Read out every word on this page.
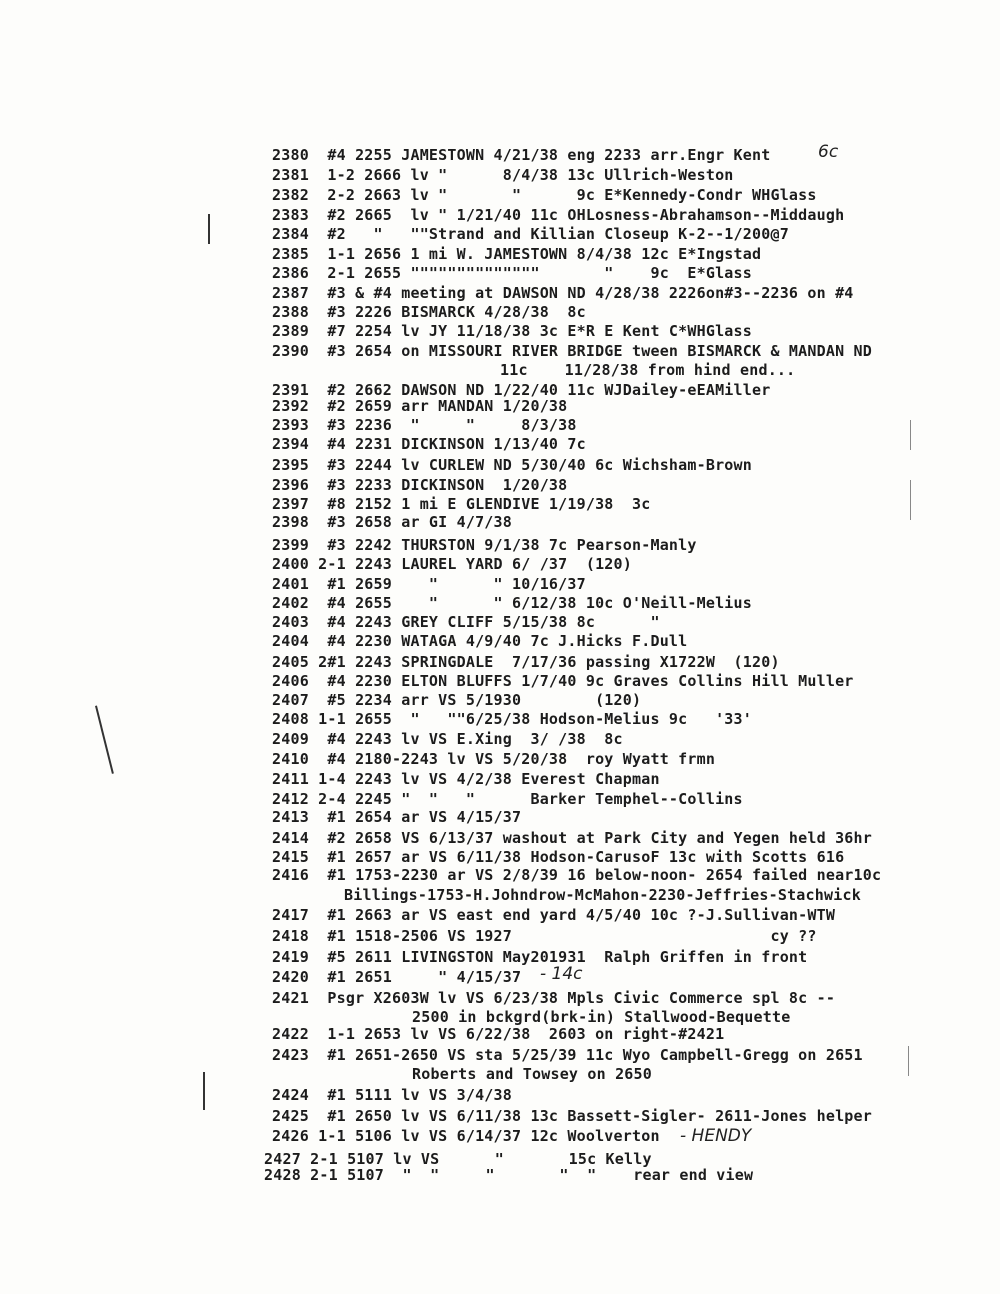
2380  #4 2255 JAMESTOWN 4/21/38 eng 2233 arr.Engr Kent	6c
2381  1-2 2666 lv "      8/4/38 13c Ullrich-Weston
2382  2-2 2663 lv "       "      9c E*Kennedy-Condr WHGlass
2383  #2 2665  lv " 1/21/40 11c OHLosness-Abrahamson--Middaugh
2384  #2   "   ""Strand and Killian Closeup K-2--1/200@7
2385  1-1 2656 1 mi W. JAMESTOWN 8/4/38 12c E*Ingstad
2386  2-1 2655 """"""""""""""       "    9c  E*Glass
2387  #3 & #4 meeting at DAWSON ND 4/28/38 2226on#3--2236 on #4
2388  #3 2226 BISMARCK 4/28/38  8c
2389  #7 2254 lv JY 11/18/38 3c E*R E Kent C*WHGlass
2390  #3 2654 on MISSOURI RIVER BRIDGE tween BISMARCK & MANDAN ND
11c    11/28/38 from hind end...
2391  #2 2662 DAWSON ND 1/22/40 11c WJDailey-eEAMiller
2392  #2 2659 arr MANDAN 1/20/38
2393  #3 2236  "     "     8/3/38
2394  #4 2231 DICKINSON 1/13/40 7c
2395  #3 2244 lv CURLEW ND 5/30/40 6c Wichsham-Brown
2396  #3 2233 DICKINSON  1/20/38
2397  #8 2152 1 mi E GLENDIVE 1/19/38  3c
2398  #3 2658 ar GI 4/7/38
2399  #3 2242 THURSTON 9/1/38 7c Pearson-Manly
2400 2-1 2243 LAUREL YARD 6/ /37  (120)
2401  #1 2659    "      " 10/16/37
2402  #4 2655    "      " 6/12/38 10c O'Neill-Melius
2403  #4 2243 GREY CLIFF 5/15/38 8c      "
2404  #4 2230 WATAGA 4/9/40 7c J.Hicks F.Dull
2405 2#1 2243 SPRINGDALE  7/17/36 passing X1722W  (120)
2406  #4 2230 ELTON BLUFFS 1/7/40 9c Graves Collins Hill Muller
2407  #5 2234 arr VS 5/1930        (120)
2408 1-1 2655  "   ""6/25/38 Hodson-Melius 9c   '33'
2409  #4 2243 lv VS E.Xing  3/ /38  8c
2410  #4 2180-2243 lv VS 5/20/38  roy Wyatt frmn
2411 1-4 2243 lv VS 4/2/38 Everest Chapman
2412 2-4 2245 "  "   "      Barker Temphel--Collins
2413  #1 2654 ar VS 4/15/37
2414  #2 2658 VS 6/13/37 washout at Park City and Yegen held 36hr
2415  #1 2657 ar VS 6/11/38 Hodson-CarusoF 13c with Scotts 616
2416  #1 1753-2230 ar VS 2/8/39 16 below-noon- 2654 failed near10c
Billings-1753-H.Johndrow-McMahon-2230-Jeffries-Stachwick
2417  #1 2663 ar VS east end yard 4/5/40 10c ?-J.Sullivan-WTW
2418  #1 1518-2506 VS 1927                            cy ??
2419  #5 2611 LIVINGSTON May201931  Ralph Griffen in front
2420  #1 2651     " 4/15/37 - 14c
2421  Psgr X2603W lv VS 6/23/38 Mpls Civic Commerce spl 8c --
2500 in bckgrd(brk-in) Stallwood-Bequette
2422  1-1 2653 lv VS 6/22/38  2603 on right-#2421
2423  #1 2651-2650 VS sta 5/25/39 11c Wyo Campbell-Gregg on 2651
Roberts and Towsey on 2650
2424  #1 5111 lv VS 3/4/38
2425  #1 2650 lv VS 6/11/38 13c Bassett-Sigler- 2611-Jones helper
2426 1-1 5106 lv VS 6/14/37 12c Woolverton - HENDY
2427 2-1 5107 lv VS      "       15c Kelly
2428 2-1 5107  "  "     "       "  "    rear end view
